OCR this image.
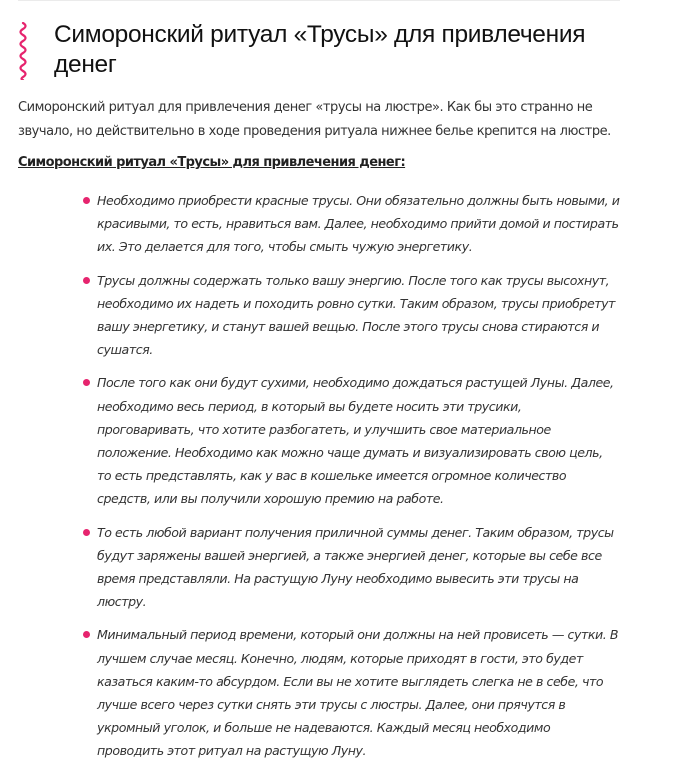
Симоронский ритуал «Трусы» для привлечения денег

Симоронский ритуал для привлечения денег «трусы на люстре». Как бы это странно не звучало, но действительно в ходе проведения ритуала нижнее белье крепится на люстре.

Симоронский ритуал «Трусы» для привлечения денег:

Необходимо приобрести красные трусы. Они обязательно должны быть новыми, и красивыми, то есть, нравиться вам. Далее, необходимо прийти домой и постирать их. Это делается для того, чтобы смыть чужую энергетику.
Трусы должны содержать только вашу энергию. После того как трусы высохнут, необходимо их надеть и походить ровно сутки. Таким образом, трусы приобретут вашу энергетику, и станут вашей вещью. После этого трусы снова стираются и сушатся.
После того как они будут сухими, необходимо дождаться растущей Луны. Далее, необходимо весь период, в который вы будете носить эти трусики, проговаривать, что хотите разбогатеть, и улучшить свое материальное положение. Необходимо как можно чаще думать и визуализировать свою цель, то есть представлять, как у вас в кошельке имеется огромное количество средств, или вы получили хорошую премию на работе.
То есть любой вариант получения приличной суммы денег. Таким образом, трусы будут заряжены вашей энергией, а также энергией денег, которые вы себе все время представляли. На растущую Луну необходимо вывесить эти трусы на люстру.
Минимальный период времени, который они должны на ней провисеть — сутки. В лучшем случае месяц. Конечно, людям, которые приходят в гости, это будет казаться каким-то абсурдом. Если вы не хотите выглядеть слегка не в себе, что лучше всего через сутки снять эти трусы с люстры. Далее, они прячутся в укромный уголок, и больше не надеваются. Каждый месяц необходимо проводить этот ритуал на растущую Луну.
